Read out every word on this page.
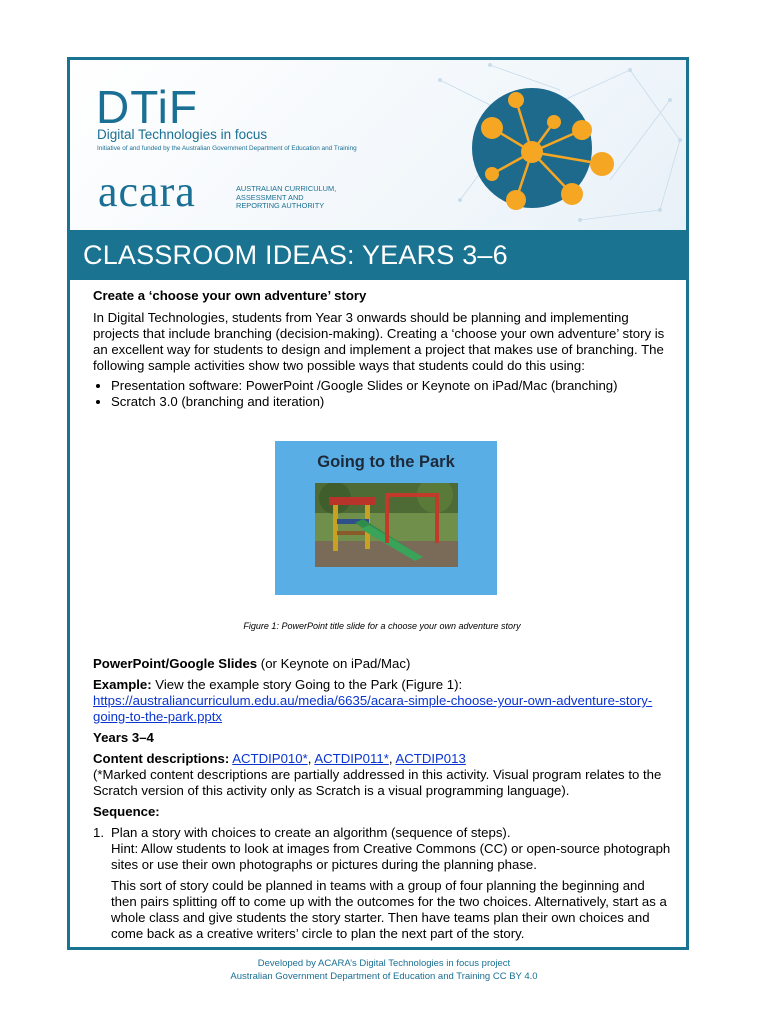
DTiF
Digital Technologies in focus
Initiative of and funded by the Australian Government Department of Education and Training
acara	AUSTRALIAN CURRICULUM,
ASSESSMENT AND
REPORTING AUTHORITY
CLASSROOM IDEAS: YEARS 3–6

Create a ‘choose your own adventure’ story

In Digital Technologies, students from Year 3 onwards should be planning and implementing projects that include branching (decision-making). Creating a ‘choose your own adventure’ story is an excellent way for students to design and implement a project that makes use of branching. The following sample activities show two possible ways that students could do this using:

• Presentation software: PowerPoint /Google Slides or Keynote on iPad/Mac (branching)
• Scratch 3.0 (branching and iteration)
Going to the Park

Figure 1: PowerPoint title slide for a choose your own adventure story

PowerPoint/Google Slides (or Keynote on iPad/Mac)

Example: View the example story Going to the Park (Figure 1):
https://australiancurriculum.edu.au/media/6635/acara-simple-choose-your-own-adventure-story-going-to-the-park.pptx

Years 3–4

Content descriptions: ACTDIP010*, ACTDIP011*, ACTDIP013
(*Marked content descriptions are partially addressed in this activity. Visual program relates to the Scratch version of this activity only as Scratch is a visual programming language).

Sequence:

1. Plan a story with choices to create an algorithm (sequence of steps).
Hint: Allow students to look at images from Creative Commons (CC) or open-source photograph sites or use their own photographs or pictures during the planning phase.

This sort of story could be planned in teams with a group of four planning the beginning and then pairs splitting off to come up with the outcomes for the two choices. Alternatively, start as a whole class and give students the story starter. Then have teams plan their own choices and come back as a creative writers’ circle to plan the next part of the story.

Developed by ACARA’s Digital Technologies in focus project
Australian Government Department of Education and Training CC BY 4.0
